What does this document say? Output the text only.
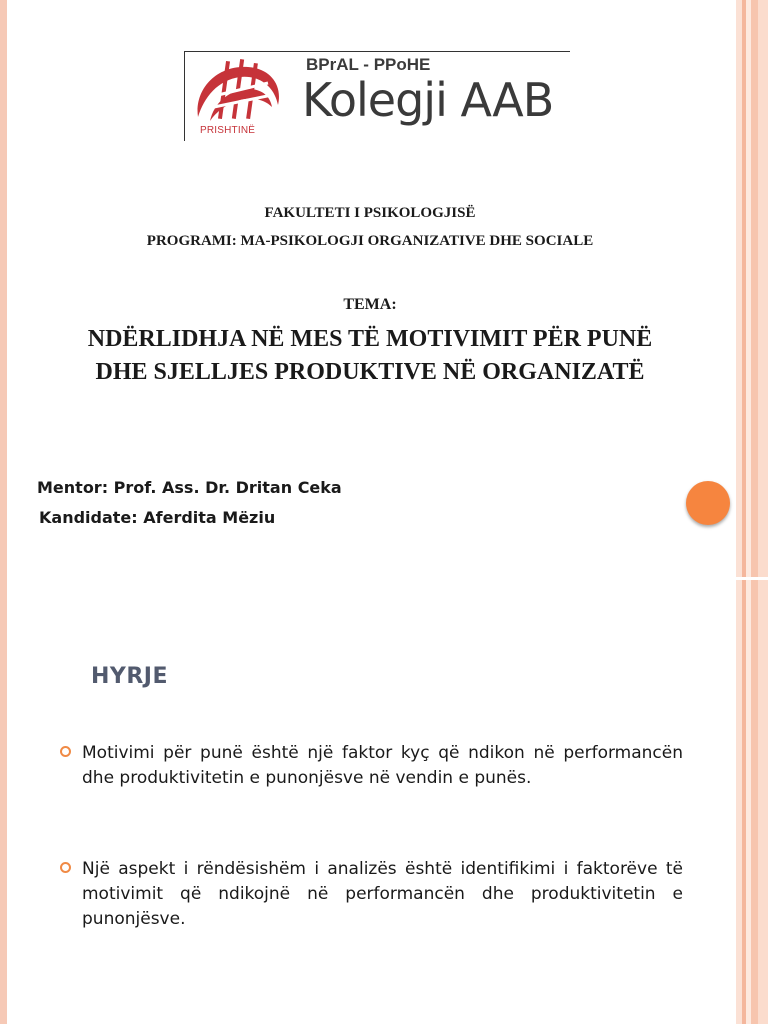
PRISHTINË
BPrAL - PPoHE
Kolegji AAB
FAKULTETI I PSIKOLOGJISË
PROGRAMI: MA-PSIKOLOGJI ORGANIZATIVE DHE SOCIALE
TEMA:
NDËRLIDHJA NË MES TË MOTIVIMIT PËR PUNË
DHE SJELLJES PRODUKTIVE NË ORGANIZATË
Mentor: Prof. Ass. Dr. Dritan Ceka
Kandidate: Aferdita Mëziu
HYRJE
Motivimi për punë është një faktor kyç që ndikon në performancën dhe produktivitetin e punonjësve në vendin e punës.
Një aspekt i rëndësishëm i analizës është identifikimi i faktorëve të motivimit që ndikojnë në performancën dhe produktivitetin e punonjësve.
